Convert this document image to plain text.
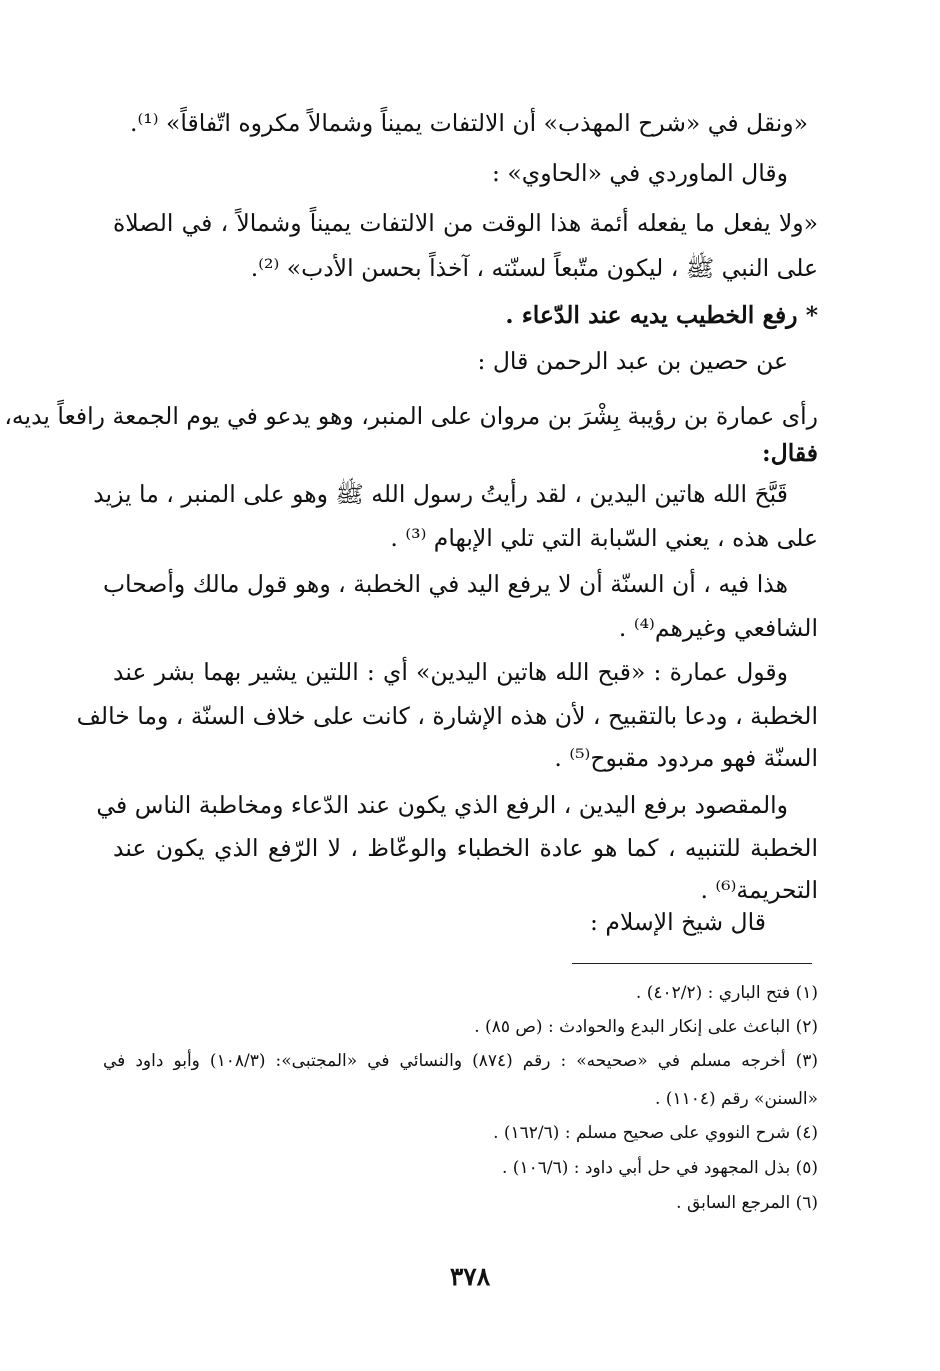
«ونقل في «شرح المهذب» أن الالتفات يميناً وشمالاً مكروه اتّفاقاً» ⁽¹⁾.
وقال الماوردي في «الحاوي» :
«ولا يفعل ما يفعله أئمة هذا الوقت من الالتفات يميناً وشمالاً ، في الصلاة
على النبي ﷺ ، ليكون متّبعاً لسنّته ، آخذاً بحسن الأدب» ⁽²⁾.
* رفع الخطيب يديه عند الدّعاء .
عن حصين بن عبد الرحمن قال :
رأى عمارة بن رؤيبة بِشْرَ بن مروان على المنبر، وهو يدعو في يوم الجمعة رافعاً يديه،
فقال:
قَبَّحَ الله هاتين اليدين ، لقد رأيتُ رسول الله ﷺ وهو على المنبر ، ما يزيد
على هذه ، يعني السّبابة التي تلي الإبهام ⁽³⁾ .
هذا فيه ، أن السنّة أن لا يرفع اليد في الخطبة ، وهو قول مالك وأصحاب
الشافعي وغيرهم⁽⁴⁾ .
وقول عمارة : «قبح الله هاتين اليدين» أي : اللتين يشير بهما بشر عند
الخطبة ، ودعا بالتقبيح ، لأن هذه الإشارة ، كانت على خلاف السنّة ، وما خالف
السنّة فهو مردود مقبوح⁽⁵⁾ .
والمقصود برفع اليدين ، الرفع الذي يكون عند الدّعاء ومخاطبة الناس في
الخطبة للتنبيه ، كما هو عادة الخطباء والوعّاظ ، لا الرّفع الذي يكون عند
التحريمة⁽⁶⁾ .
قال شيخ الإسلام :
(١) فتح الباري : (٤٠٢/٢) .
(٢) الباعث على إنكار البدع والحوادث : (ص ٨٥) .
(٣) أخرجه مسلم في «صحيحه» : رقم (٨٧٤) والنسائي في «المجتبى»: (١٠٨/٣) وأبو داود في
«السنن» رقم (١١٠٤) .
(٤) شرح النووي على صحيح مسلم : (١٦٢/٦) .
(٥) بذل المجهود في حل أبي داود : (١٠٦/٦) .
(٦) المرجع السابق .
٣٧٨
